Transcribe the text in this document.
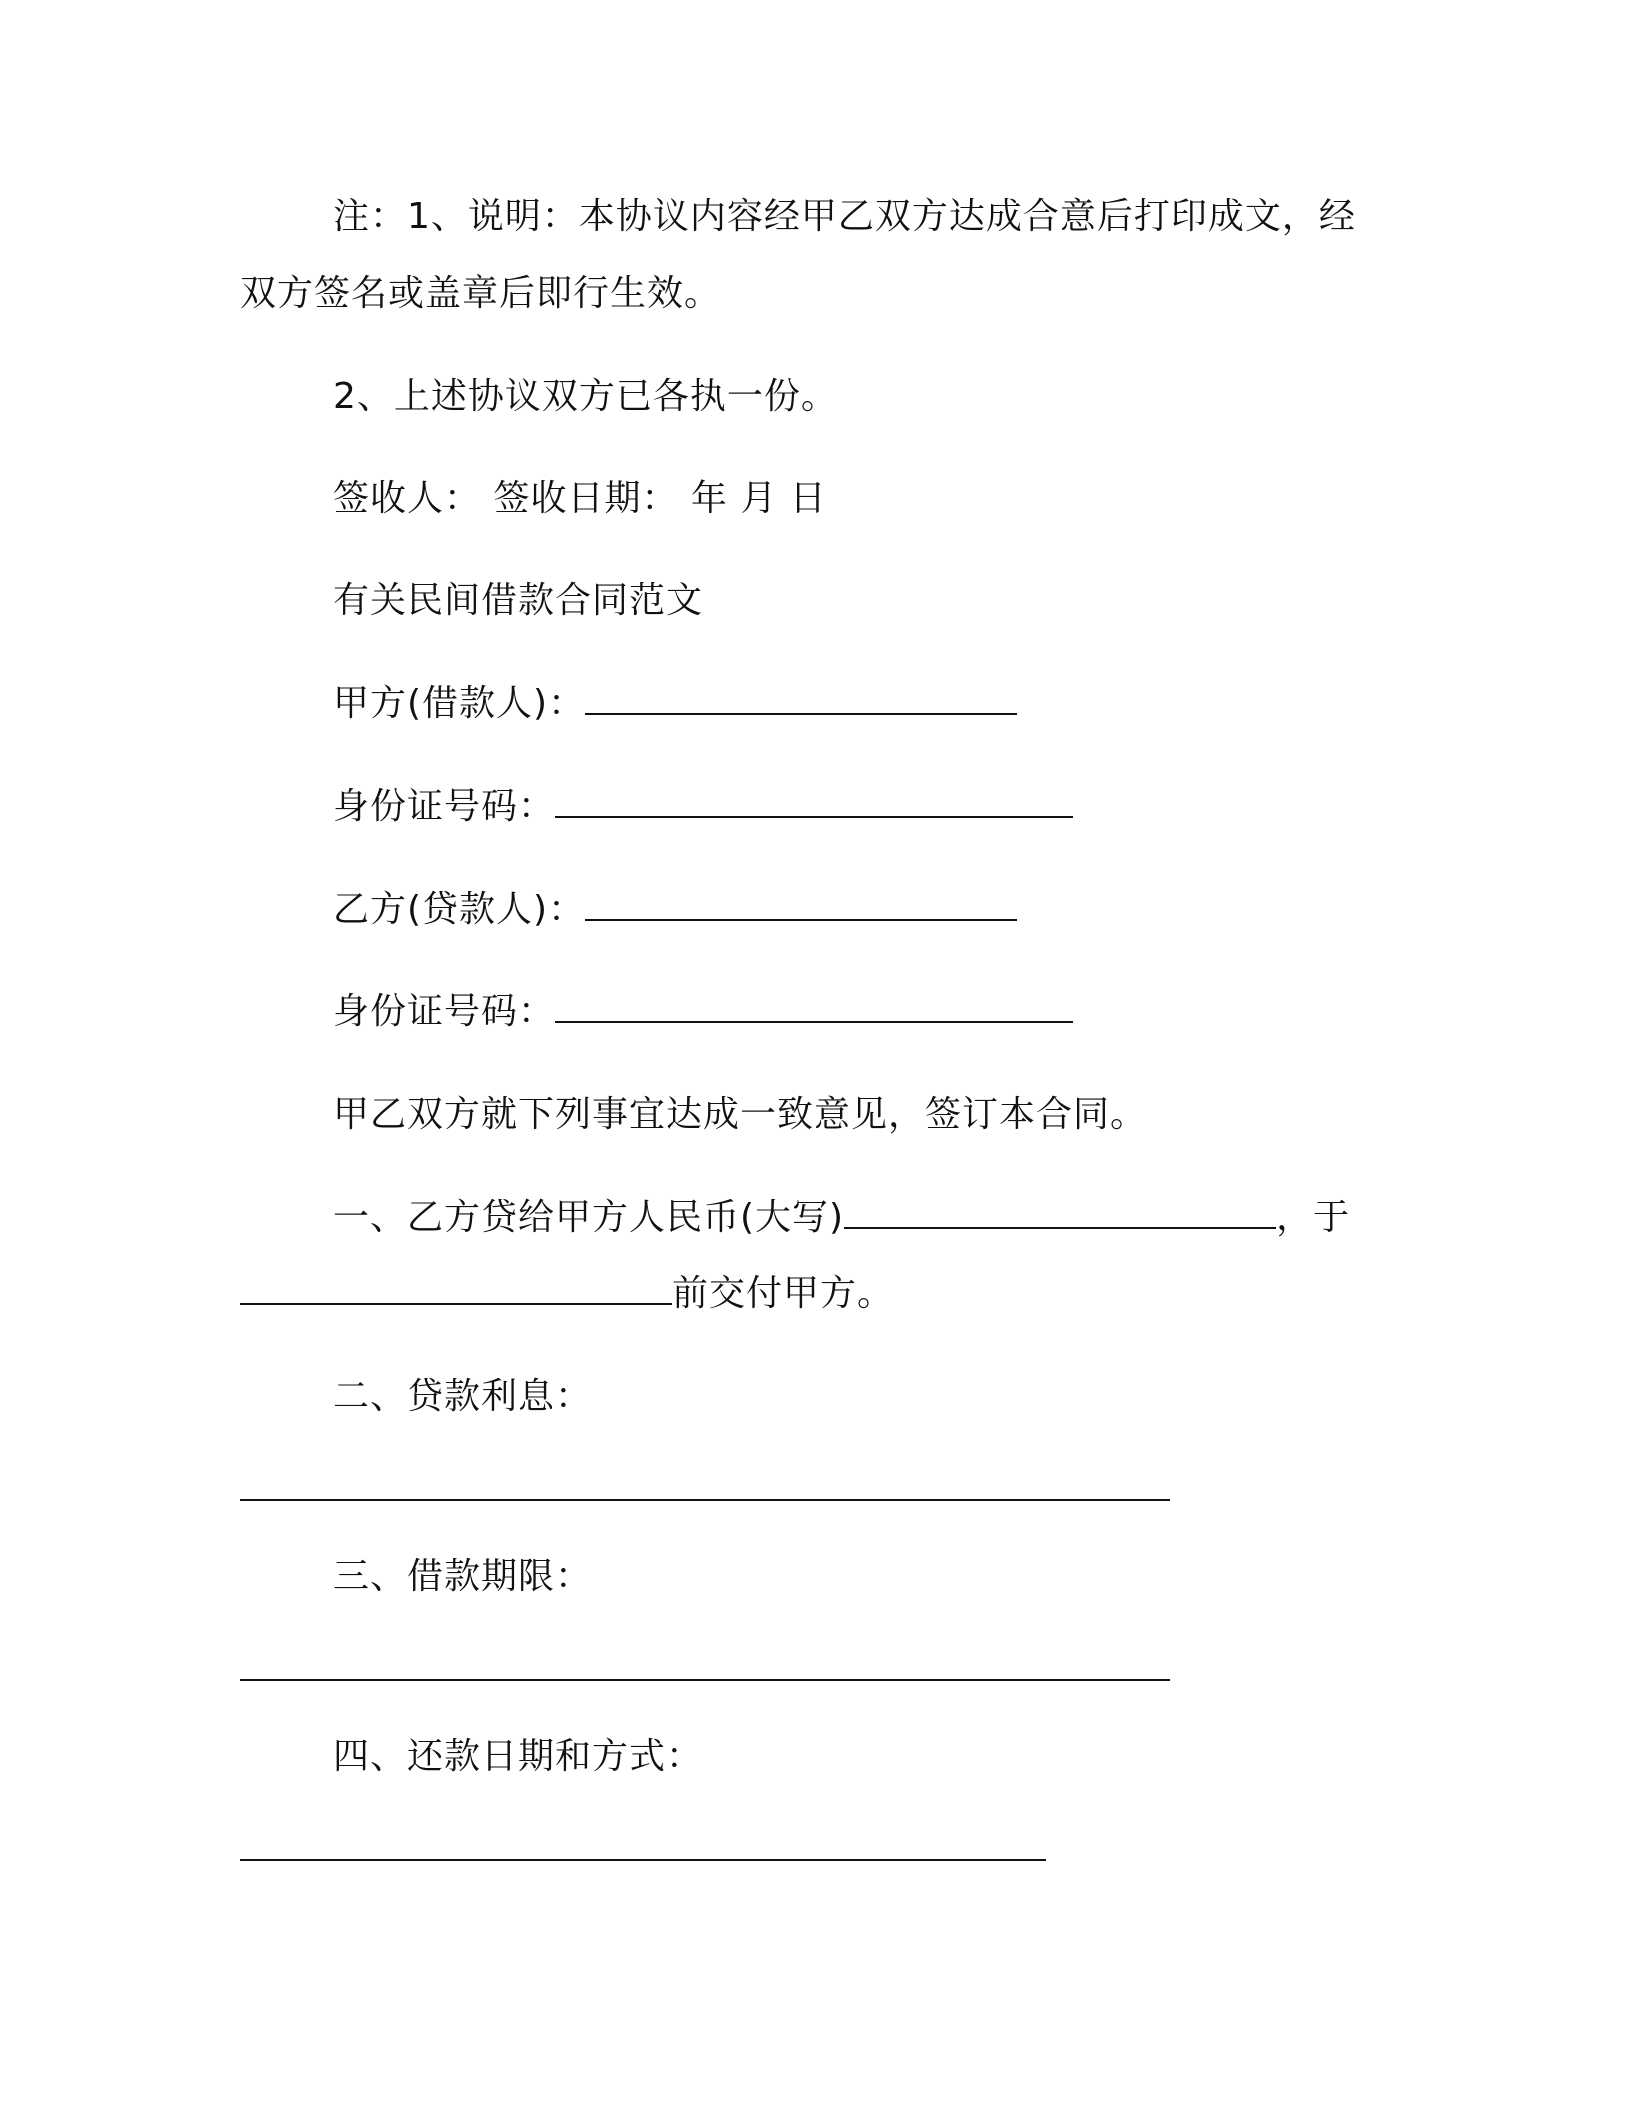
注：1、说明：本协议内容经甲乙双方达成合意后打印成文，经
双方签名或盖章后即行生效。
2、上述协议双方已各执一份。
签收人： 签收日期： 年 月 日
有关民间借款合同范文
甲方(借款人)：
身份证号码：
乙方(贷款人)：
身份证号码：
甲乙双方就下列事宜达成一致意见，签订本合同。
一、乙方贷给甲方人民币(大写)	，于
前交付甲方。
二、贷款利息：
三、借款期限：
四、还款日期和方式：
